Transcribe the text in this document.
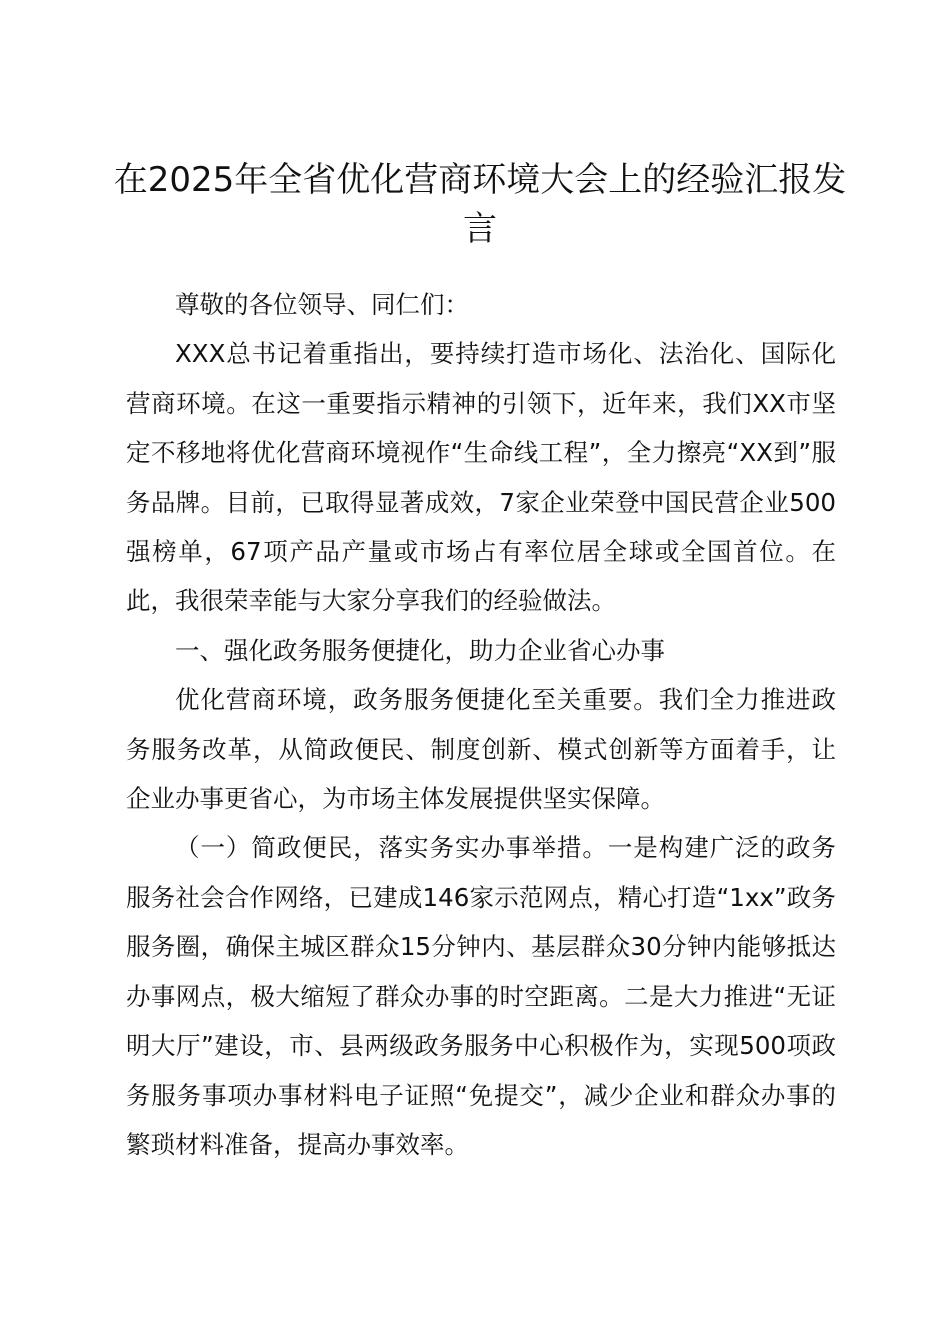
在2025年全省优化营商环境大会上的经验汇报发言

尊敬的各位领导、同仁们：

XXX总书记着重指出，要持续打造市场化、法治化、国际化营商环境。在这一重要指示精神的引领下，近年来，我们XX市坚定不移地将优化营商环境视作“生命线工程”，全力擦亮“XX到”服务品牌。目前，已取得显著成效，7家企业荣登中国民营企业500强榜单，67项产品产量或市场占有率位居全球或全国首位。在此，我很荣幸能与大家分享我们的经验做法。

一、强化政务服务便捷化，助力企业省心办事

优化营商环境，政务服务便捷化至关重要。我们全力推进政务服务改革，从简政便民、制度创新、模式创新等方面着手，让企业办事更省心，为市场主体发展提供坚实保障。

（一）简政便民，落实务实办事举措。一是构建广泛的政务服务社会合作网络，已建成146家示范网点，精心打造“1xx”政务服务圈，确保主城区群众15分钟内、基层群众30分钟内能够抵达办事网点，极大缩短了群众办事的时空距离。二是大力推进“无证明大厅”建设，市、县两级政务服务中心积极作为，实现500项政务服务事项办事材料电子证照“免提交”，减少企业和群众办事的繁琐材料准备，提高办事效率。
